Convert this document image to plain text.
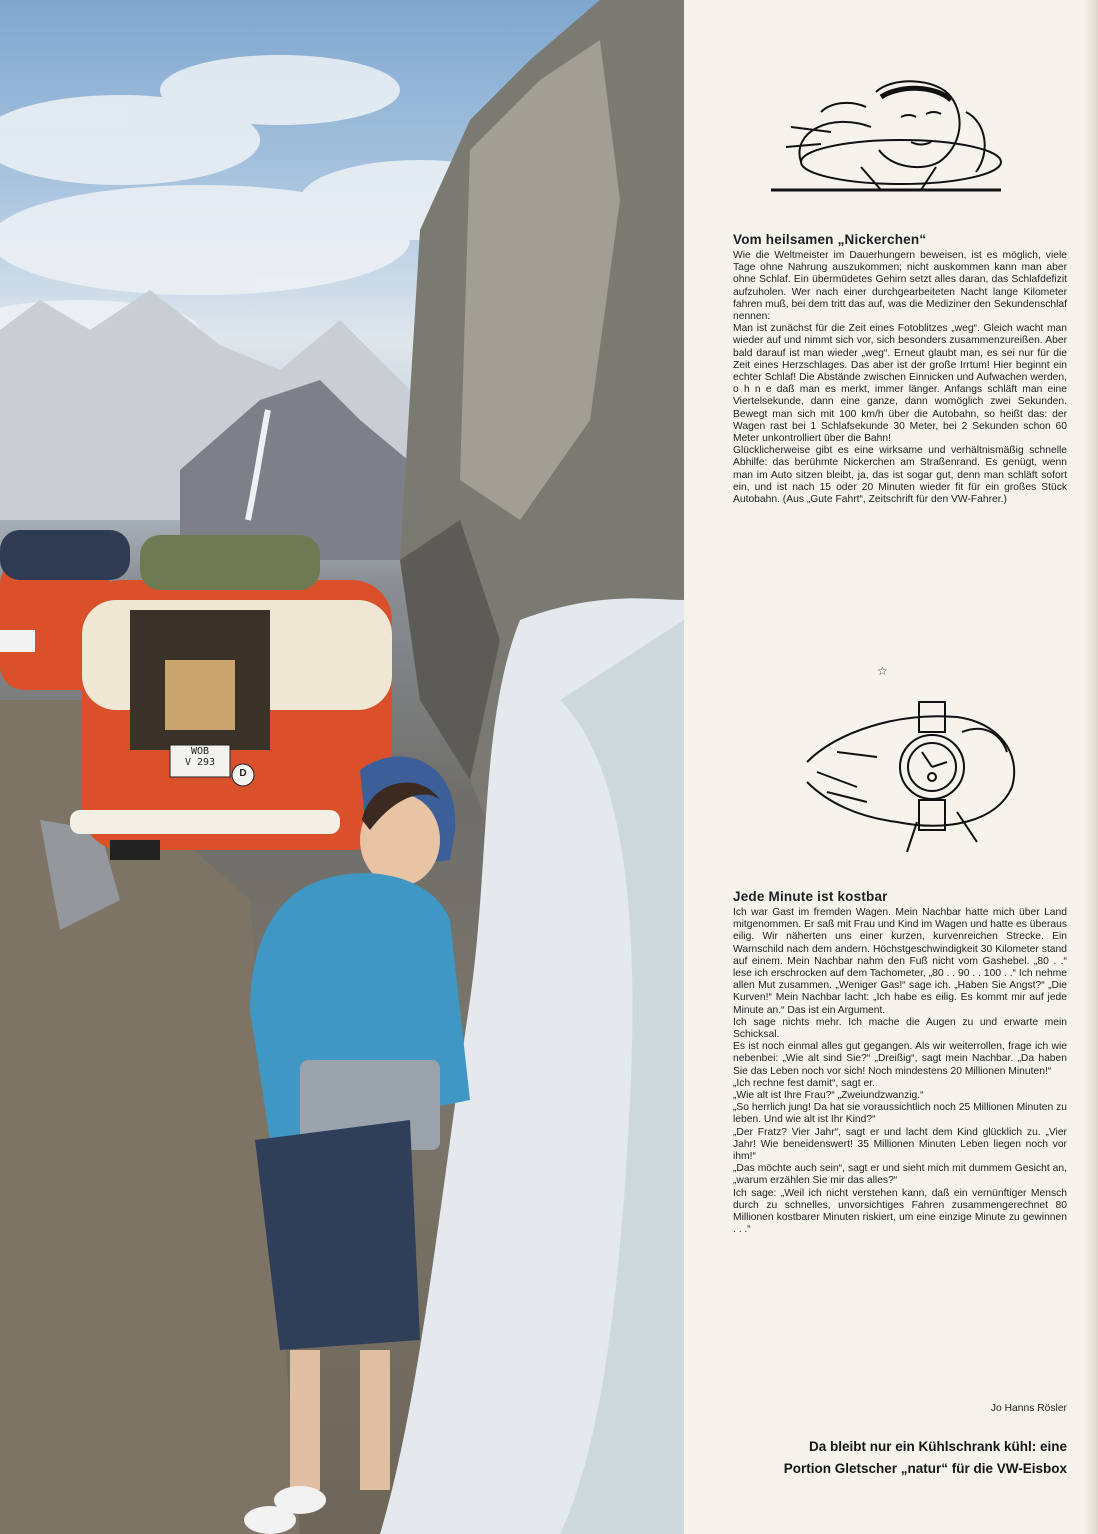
WOB
V 293
D
Vom heilsamen „Nickerchen“

Wie die Weltmeister im Dauerhungern beweisen, ist es möglich, viele Tage ohne Nahrung auszukommen; nicht auskommen kann man aber ohne Schlaf. Ein übermüdetes Gehirn setzt alles daran, das Schlafdefizit aufzuholen. Wer nach einer durchgearbeiteten Nacht lange Kilometer fahren muß, bei dem tritt das auf, was die Mediziner den Sekundenschlaf nennen:
Man ist zunächst für die Zeit eines Fotoblitzes „weg“. Gleich wacht man wieder auf und nimmt sich vor, sich besonders zusammenzureißen. Aber bald darauf ist man wieder „weg“. Erneut glaubt man, es sei nur für die Zeit eines Herzschlages. Das aber ist der große Irrtum! Hier beginnt ein echter Schlaf! Die Abstände zwischen Einnicken und Aufwachen werden, o h n e daß man es merkt, immer länger. Anfangs schläft man eine Viertelsekunde, dann eine ganze, dann womöglich zwei Sekunden. Bewegt man sich mit 100 km/h über die Autobahn, so heißt das: der Wagen rast bei 1 Schlafsekunde 30 Meter, bei 2 Sekunden schon 60 Meter unkontrolliert über die Bahn!
Glücklicherweise gibt es eine wirksame und verhältnismäßig schnelle Abhilfe: das berühmte Nickerchen am Straßenrand. Es genügt, wenn man im Auto sitzen bleibt, ja, das ist sogar gut, denn man schläft sofort ein, und ist nach 15 oder 20 Minuten wieder fit für ein großes Stück Autobahn. (Aus „Gute Fahrt“, Zeitschrift für den VW-Fahrer.)

☆
Jede Minute ist kostbar

Ich war Gast im fremden Wagen. Mein Nachbar hatte mich über Land mitgenommen. Er saß mit Frau und Kind im Wagen und hatte es überaus eilig. Wir näherten uns einer kurzen, kurvenreichen Strecke. Ein Warnschild nach dem andern. Höchstgeschwindigkeit 30 Kilometer stand auf einem. Mein Nachbar nahm den Fuß nicht vom Gashebel. „80 . .“ lese ich erschrocken auf dem Tachometer, „80 . . 90 . . 100 . .“ Ich nehme allen Mut zusammen. „Weniger Gas!“ sage ich. „Haben Sie Angst?“ „Die Kurven!“ Mein Nachbar lacht: „Ich habe es eilig. Es kommt mir auf jede Minute an.“ Das ist ein Argument.
Ich sage nichts mehr. Ich mache die Augen zu und erwarte mein Schicksal.
Es ist noch einmal alles gut gegangen. Als wir weiterrollen, frage ich wie nebenbei: „Wie alt sind Sie?“ „Dreißig“, sagt mein Nachbar. „Da haben Sie das Leben noch vor sich! Noch mindestens 20 Millionen Minuten!“
„Ich rechne fest damit“, sagt er.
„Wie alt ist Ihre Frau?“ „Zweiundzwanzig.“
„So herrlich jung! Da hat sie voraussichtlich noch 25 Millionen Minuten zu leben. Und wie alt ist Ihr Kind?“
„Der Fratz? Vier Jahr“, sagt er und lacht dem Kind glücklich zu. „Vier Jahr! Wie beneidenswert! 35 Millionen Minuten Leben liegen noch vor ihm!“
„Das möchte auch sein“, sagt er und sieht mich mit dummem Gesicht an, „warum erzählen Sie mir das alles?“
Ich sage: „Weil ich nicht verstehen kann, daß ein vernünftiger Mensch durch zu schnelles, unvorsichtiges Fahren zusammengerechnet 80 Millionen kostbarer Minuten riskiert, um eine einzige Minute zu gewinnen . . .“

Jo Hanns Rösler
Da bleibt nur ein Kühlschrank kühl: eine
Portion Gletscher „natur“ für die VW-Eisbox
